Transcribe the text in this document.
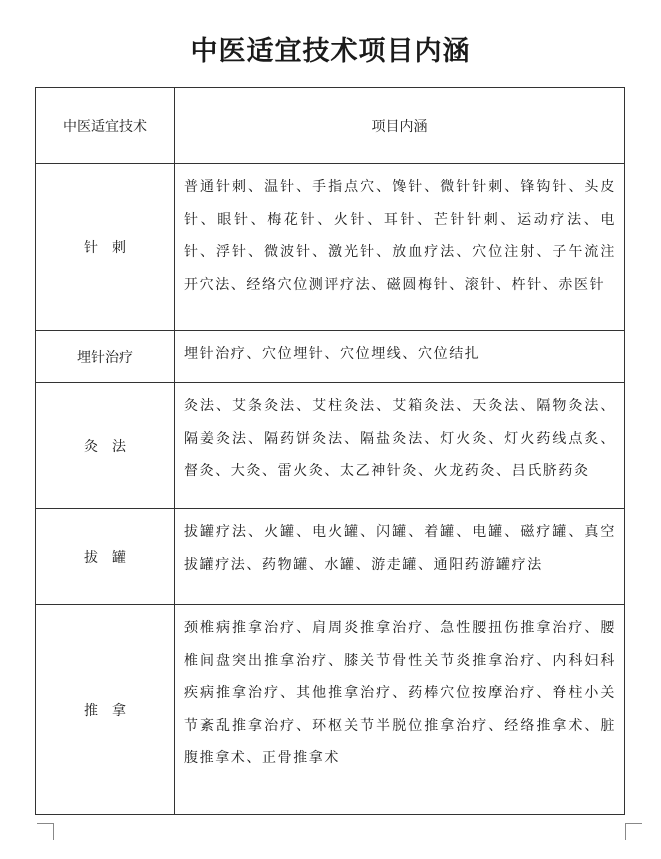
中医适宜技术项目内涵
中医适宜技术	项目内涵
针　刺	普通针刺、温针、手指点穴、馋针、微针针刺、锋钩针、头皮针、眼针、梅花针、火针、耳针、芒针针刺、运动疗法、电针、浮针、微波针、激光针、放血疗法、穴位注射、子午流注开穴法、经络穴位测评疗法、磁圆梅针、滚针、杵针、赤医针
埋针治疗	埋针治疗、穴位埋针、穴位埋线、穴位结扎
灸　法	灸法、艾条灸法、艾柱灸法、艾箱灸法、天灸法、隔物灸法、隔姜灸法、隔药饼灸法、隔盐灸法、灯火灸、灯火药线点炙、督灸、大灸、雷火灸、太乙神针灸、火龙药灸、吕氏脐药灸
拔　罐	拔罐疗法、火罐、电火罐、闪罐、着罐、电罐、磁疗罐、真空拔罐疗法、药物罐、水罐、游走罐、通阳药游罐疗法
推　拿	颈椎病推拿治疗、肩周炎推拿治疗、急性腰扭伤推拿治疗、腰椎间盘突出推拿治疗、膝关节骨性关节炎推拿治疗、内科妇科疾病推拿治疗、其他推拿治疗、药棒穴位按摩治疗、脊柱小关节紊乱推拿治疗、环枢关节半脱位推拿治疗、经络推拿术、脏腹推拿术、正骨推拿术
